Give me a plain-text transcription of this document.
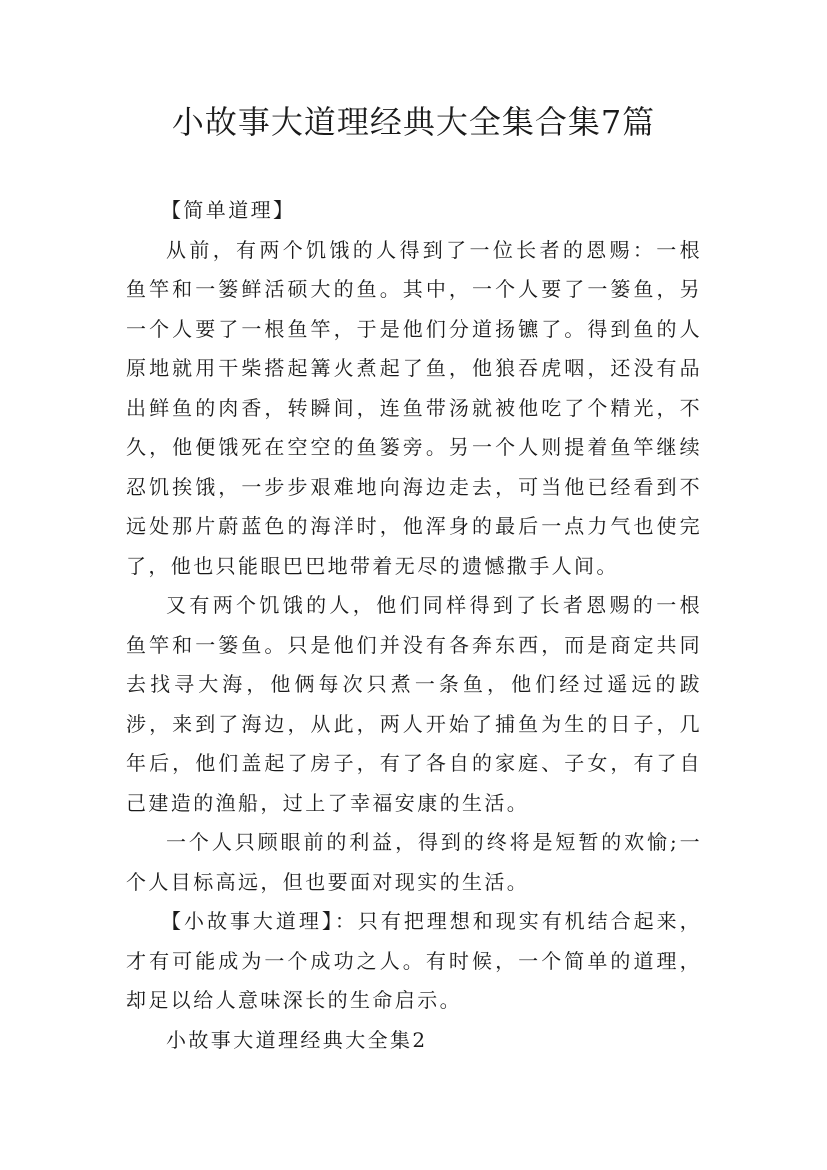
小故事大道理经典大全集合集7篇

【简单道理】

从前，有两个饥饿的人得到了一位长者的恩赐：一根鱼竿和一篓鲜活硕大的鱼。其中，一个人要了一篓鱼，另一个人要了一根鱼竿，于是他们分道扬镳了。得到鱼的人原地就用干柴搭起篝火煮起了鱼，他狼吞虎咽，还没有品出鲜鱼的肉香，转瞬间，连鱼带汤就被他吃了个精光，不久，他便饿死在空空的鱼篓旁。另一个人则提着鱼竿继续忍饥挨饿，一步步艰难地向海边走去，可当他已经看到不远处那片蔚蓝色的海洋时，他浑身的最后一点力气也使完了，他也只能眼巴巴地带着无尽的遗憾撒手人间。

又有两个饥饿的人，他们同样得到了长者恩赐的一根鱼竿和一篓鱼。只是他们并没有各奔东西，而是商定共同去找寻大海，他俩每次只煮一条鱼，他们经过遥远的跋涉，来到了海边，从此，两人开始了捕鱼为生的日子，几年后，他们盖起了房子，有了各自的家庭、子女，有了自己建造的渔船，过上了幸福安康的生活。

一个人只顾眼前的利益，得到的终将是短暂的欢愉;一个人目标高远，但也要面对现实的生活。

【小故事大道理】：只有把理想和现实有机结合起来，才有可能成为一个成功之人。有时候，一个简单的道理，却足以给人意味深长的生命启示。

小故事大道理经典大全集2
